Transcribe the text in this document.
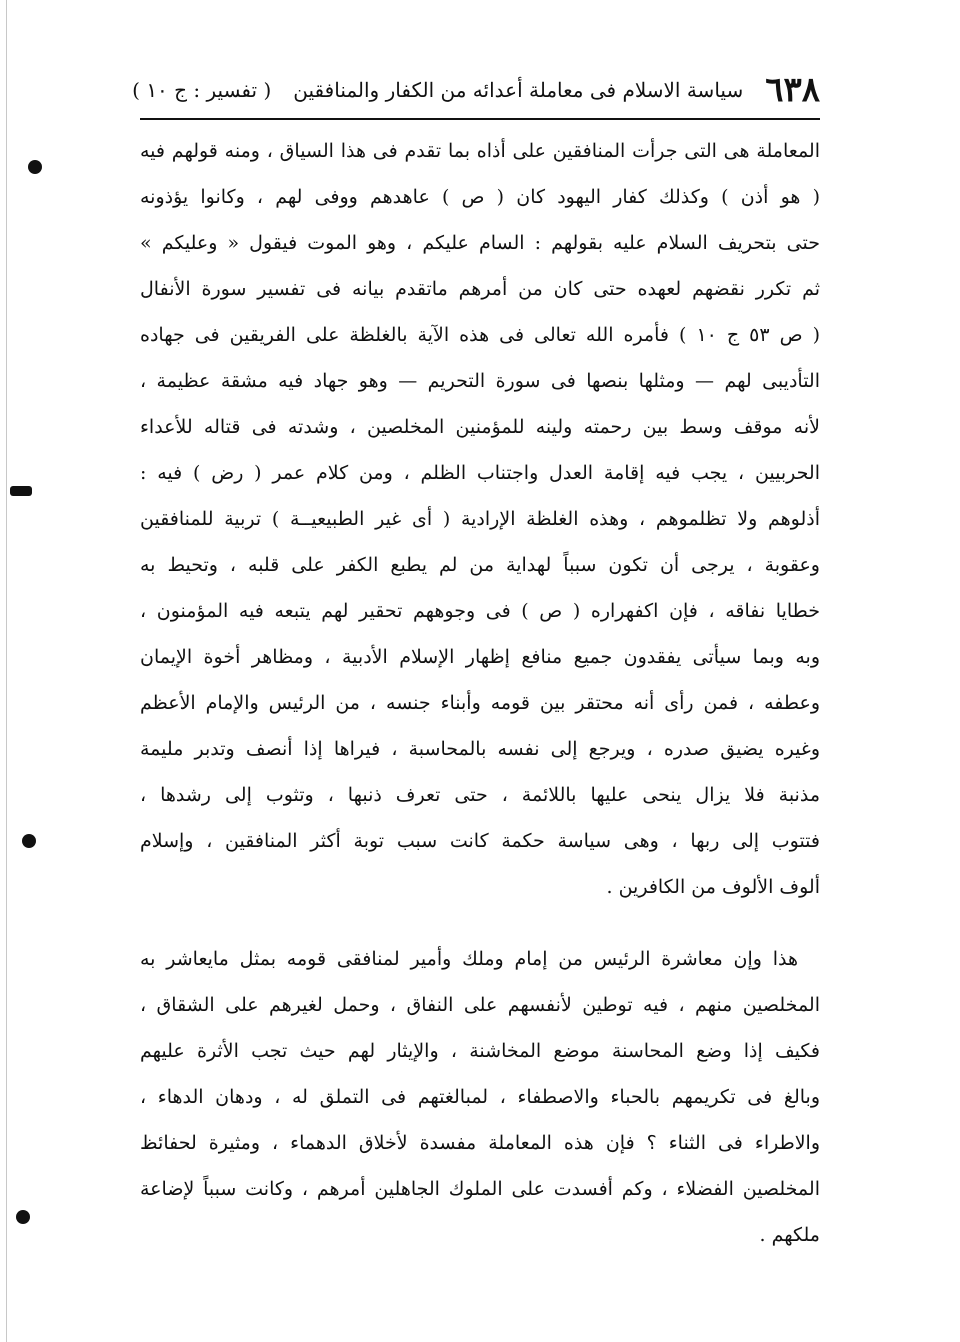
٦٣٨
سياسة الاسلام فى معاملة أعدائه من الكفار والمنافقين
( تفسير : ج ١٠ )
المعاملة هى التى جرأت المنافقين على أذاه بما تقدم فى هذا السياق ، ومنه قولهم فيه
( هو أذن ) وكذلك كفار اليهود كان ( ص ) عاهدهم ووفى لهم ، وكانوا يؤذونه
حتى بتحريف السلام عليه بقولهم : السام عليكم ، وهو الموت فيقول « وعليكم »
ثم تكرر نقضهم لعهده حتى كان من أمرهم ماتقدم بيانه فى تفسير سورة الأنفال
( ص ٥٣ ج ١٠ ) فأمره الله تعالى فى هذه الآية بالغلظة على الفريقين فى جهاده
التأديبى لهم — ومثلها بنصها فى سورة التحريم — وهو جهاد فيه مشقة عظيمة ،
لأنه موقف وسط بين رحمته ولينه للمؤمنين المخلصين ، وشدته فى قتاله للأعداء
الحربيين ، يجب فيه إقامة العدل واجتناب الظلم ، ومن كلام عمر ( رض ) فيه :
أذلوهم ولا تظلموهم ، وهذه الغلظة الإرادية ( أى غير الطبيعيــة ) تربية للمنافقين
وعقوبة ، يرجى أن تكون سبباً لهداية من لم يطبع الكفر على قلبه ، وتحيط به
خطايا نفاقه ، فإن اكفهراره ( ص ) فى وجوههم تحقير لهم يتبعه فيه المؤمنون ،
وبه وبما سيأتى يفقدون جميع منافع إظهار الإسلام الأدبية ، ومظاهر أخوة الإيمان
وعطفه ، فمن رأى أنه محتقر بين قومه وأبناء جنسه ، من الرئيس والإمام الأعظم
وغيره يضيق صدره ، ويرجع إلى نفسه بالمحاسبة ، فيراها إذا أنصف وتدبر مليمة
مذنبة فلا يزال ينحى عليها باللائمة ، حتى تعرف ذنبها ، وتثوب إلى رشدها ،
فتتوب إلى ربها ، وهى سياسة حكمة كانت سبب توبة أكثر المنافقين ، وإسلام
ألوف الألوف من الكافرين .
هذا وإن معاشرة الرئيس من إمام وملك وأمير لمنافقى قومه بمثل مايعاشر به
المخلصين منهم ، فيه توطين لأنفسهم على النفاق ، وحمل لغيرهم على الشقاق ،
فكيف إذا وضع المحاسنة موضع المخاشنة ، والإيثار لهم حيث تجب الأثرة عليهم
وبالغ فى تكريمهم بالحباء والاصطفاء ، لمبالغتهم فى التملق له ، ودهان الدهاء ،
والاطراء فى الثناء ؟ فإن هذه المعاملة مفسدة لأخلاق الدهماء ، ومثيرة لحفائظ
المخلصين الفضلاء ، وكم أفسدت على الملوك الجاهلين أمرهم ، وكانت سبباً لإضاعة
ملكهم .
